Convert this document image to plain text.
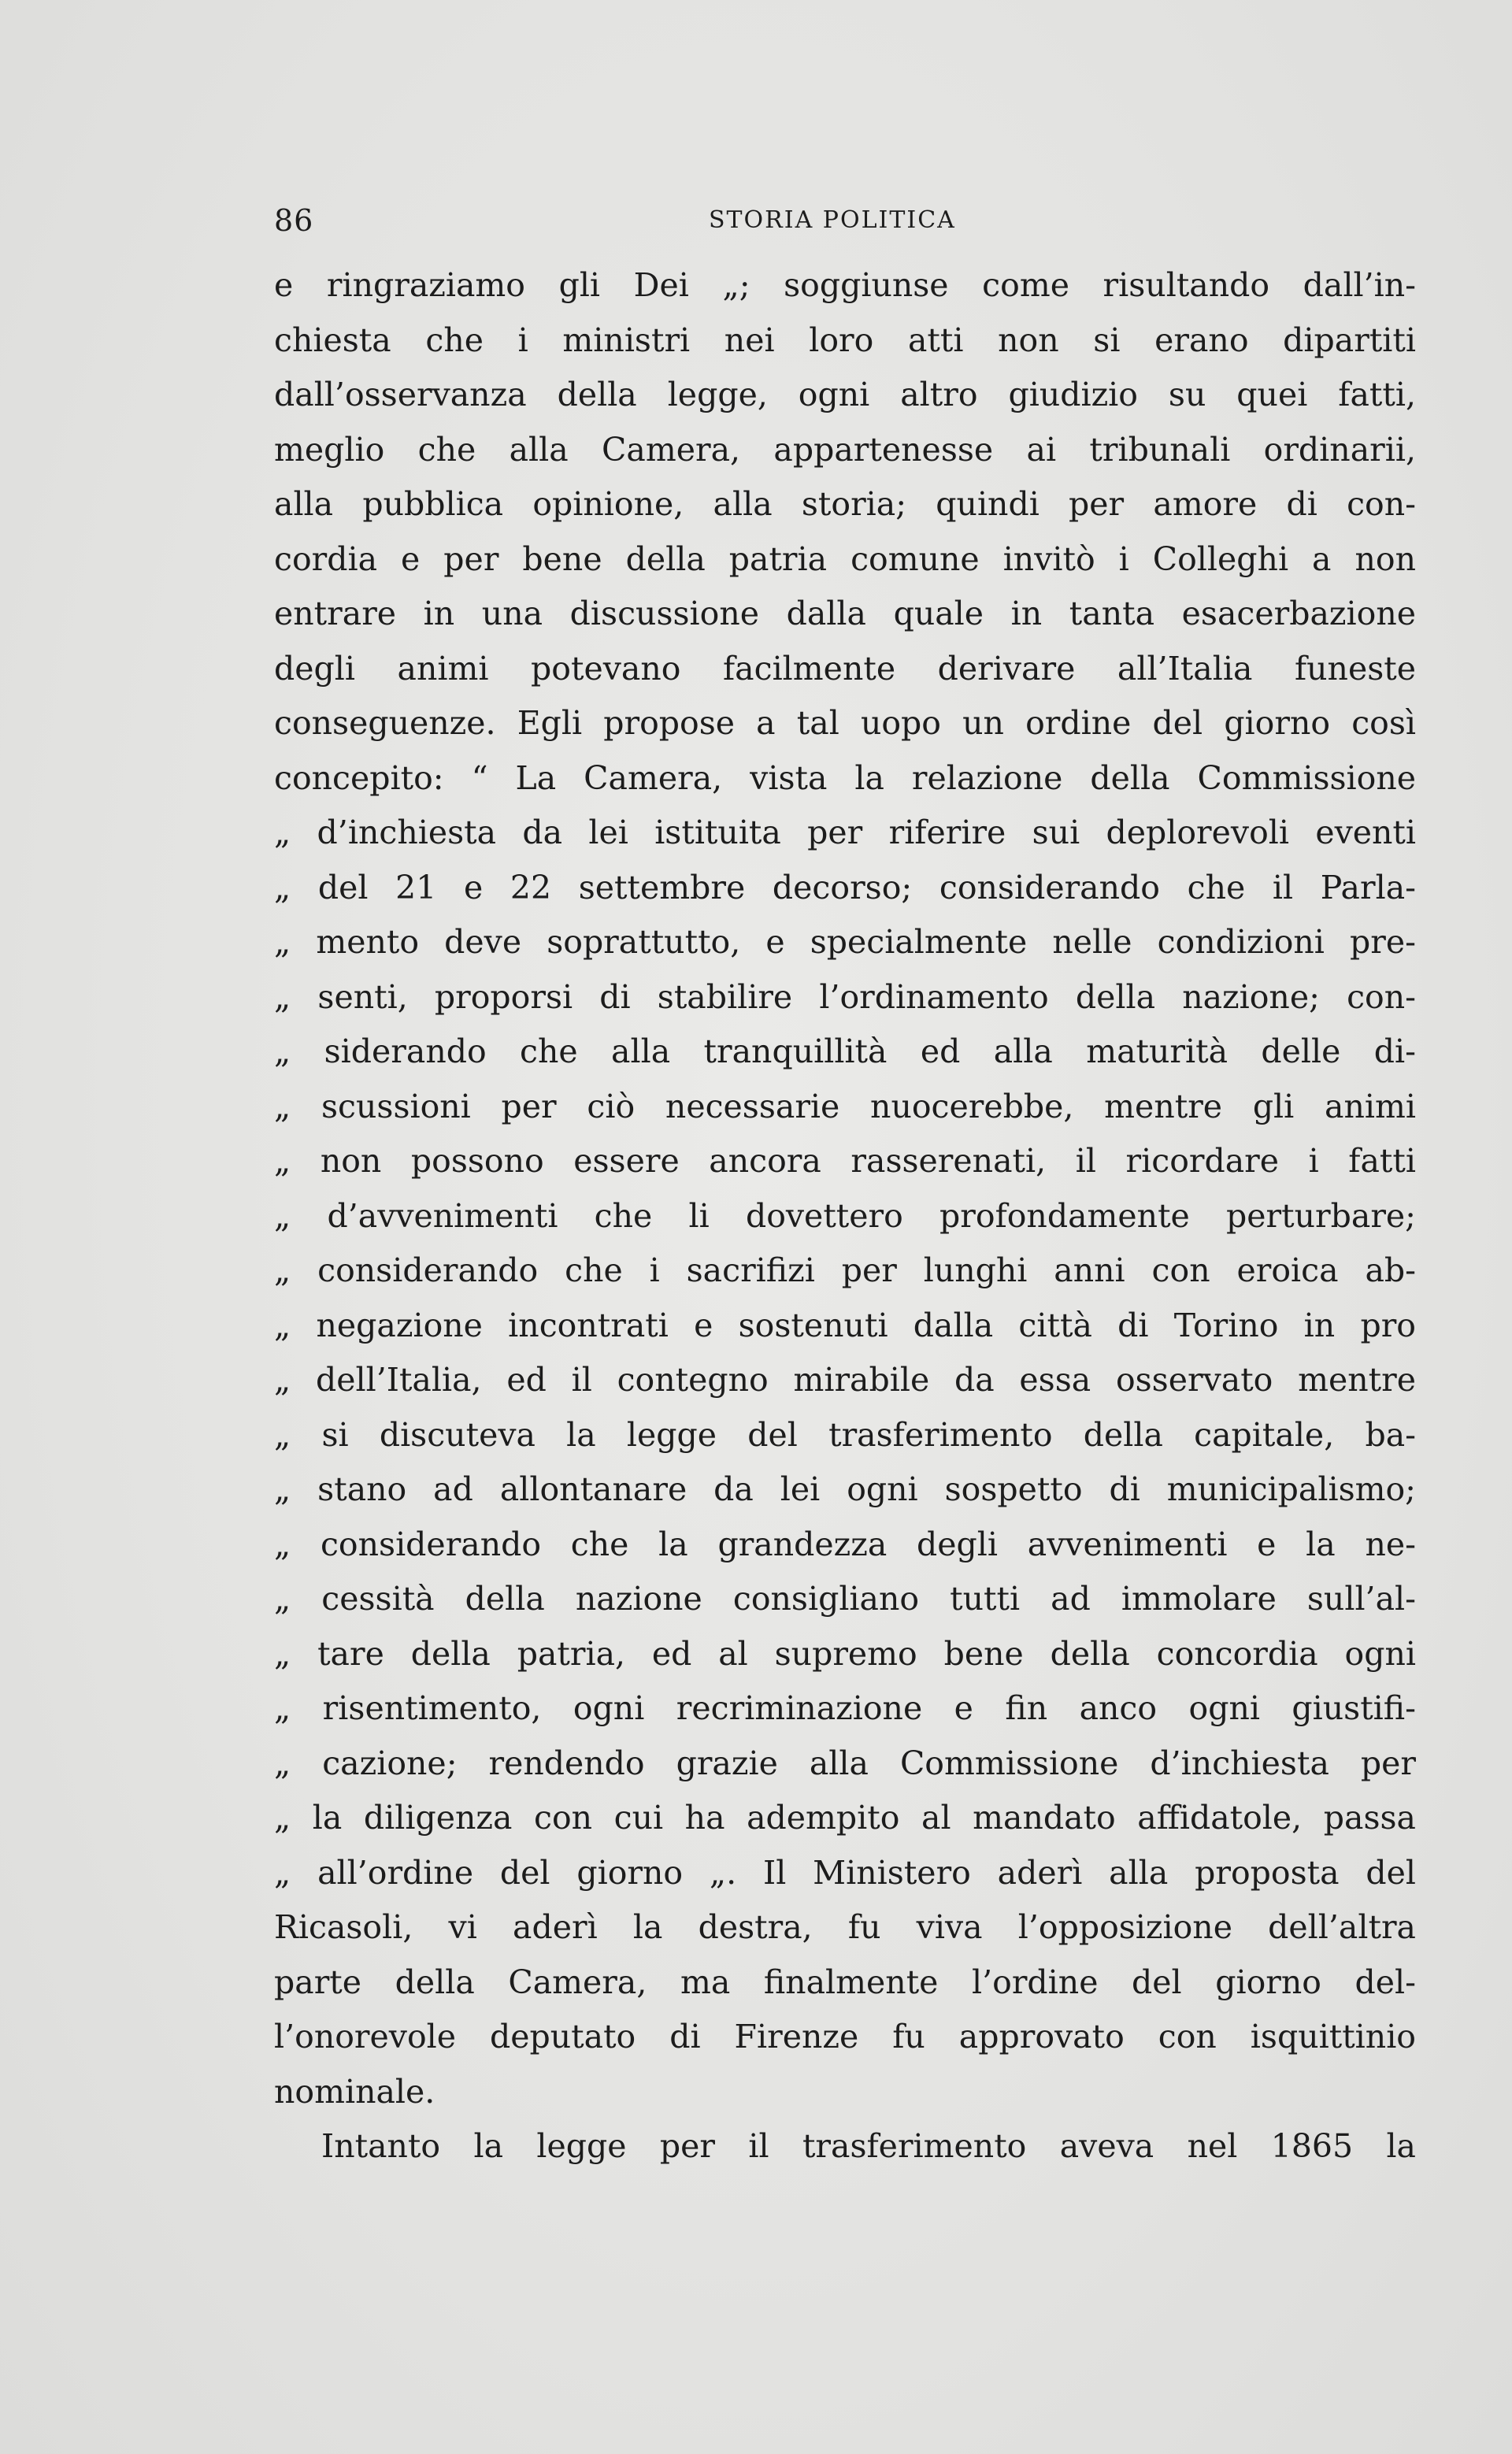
86	STORIA POLITICA
e ringraziamo gli Dei „; soggiunse come risultando dall’in-
chiesta che i ministri nei loro atti non si erano dipartiti
dall’osservanza della legge, ogni altro giudizio su quei fatti,
meglio che alla Camera, appartenesse ai tribunali ordinarii,
alla pubblica opinione, alla storia; quindi per amore di con-
cordia e per bene della patria comune invitò i Colleghi a non
entrare in una discussione dalla quale in tanta esacerbazione
degli animi potevano facilmente derivare all’Italia funeste
conseguenze. Egli propose a tal uopo un ordine del giorno così
concepito: “ La Camera, vista la relazione della Commissione
„ d’inchiesta da lei istituita per riferire sui deplorevoli eventi
„ del 21 e 22 settembre decorso; considerando che il Parla-
„ mento deve soprattutto, e specialmente nelle condizioni pre-
„ senti, proporsi di stabilire l’ordinamento della nazione; con-
„ siderando che alla tranquillità ed alla maturità delle di-
„ scussioni per ciò necessarie nuocerebbe, mentre gli animi
„ non possono essere ancora rasserenati, il ricordare i fatti
„ d’avvenimenti che li dovettero profondamente perturbare;
„ considerando che i sacrifizi per lunghi anni con eroica ab-
„ negazione incontrati e sostenuti dalla città di Torino in pro
„ dell’Italia, ed il contegno mirabile da essa osservato mentre
„ si discuteva la legge del trasferimento della capitale, ba-
„ stano ad allontanare da lei ogni sospetto di municipalismo;
„ considerando che la grandezza degli avvenimenti e la ne-
„ cessità della nazione consigliano tutti ad immolare sull’al-
„ tare della patria, ed al supremo bene della concordia ogni
„ risentimento, ogni recriminazione e fin anco ogni giustifi-
„ cazione; rendendo grazie alla Commissione d’inchiesta per
„ la diligenza con cui ha adempito al mandato affidatole, passa
„ all’ordine del giorno „. Il Ministero aderì alla proposta del
Ricasoli, vi aderì la destra, fu viva l’opposizione dell’altra
parte della Camera, ma finalmente l’ordine del giorno del-
l’onorevole deputato di Firenze fu approvato con isquittinio
nominale.
Intanto la legge per il trasferimento aveva nel 1865 la
